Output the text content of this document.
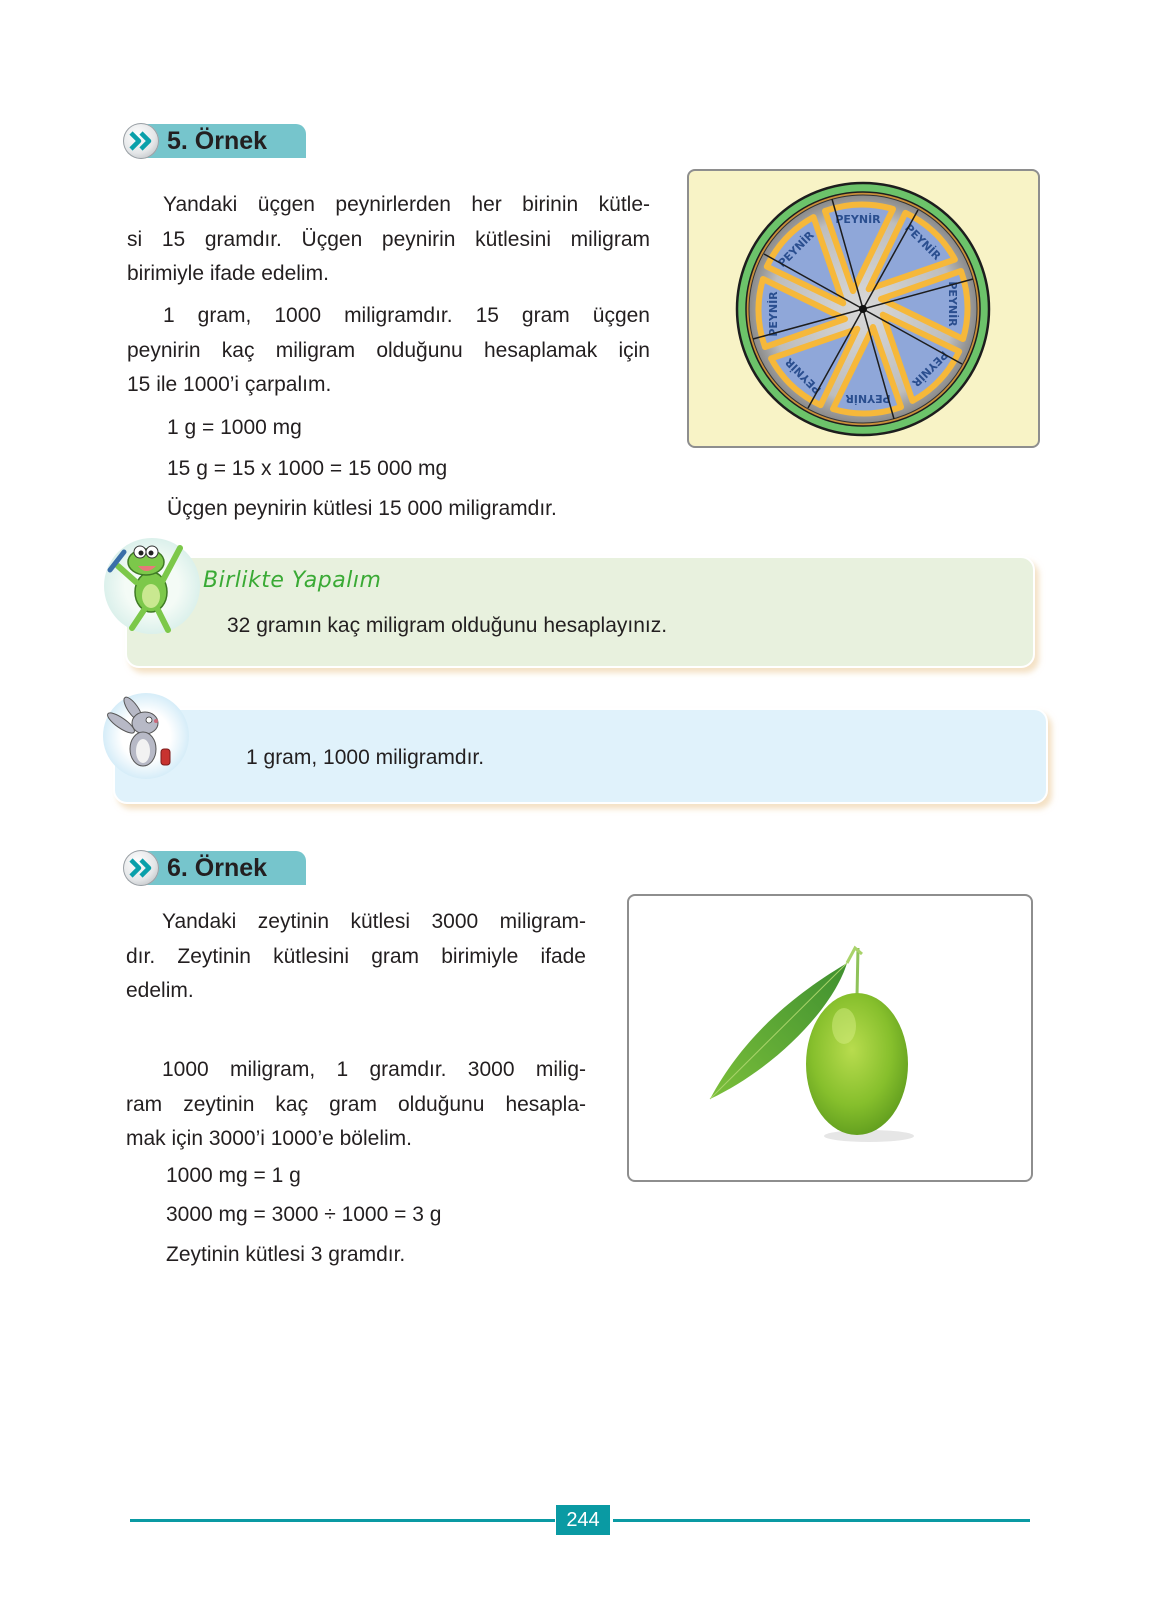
5. Örnek
Yandaki üçgen peynirlerden her birinin kütle-
si 15 gramdır. Üçgen peynirin kütlesini miligram
birimiyle ifade edelim.
1 gram, 1000 miligramdır. 15 gram üçgen
peynirin kaç miligram olduğunu hesaplamak için
15 ile 1000’i çarpalım.
1 g = 1000 mg
15 g = 15 x 1000 = 15 000 mg
Üçgen peynirin kütlesi 15 000 miligramdır.
PEYNİR
Birlikte Yapalım
32 gramın kaç miligram olduğunu hesaplayınız.
1 gram, 1000 miligramdır.
6. Örnek
Yandaki zeytinin kütlesi 3000 miligram-
dır. Zeytinin kütlesini gram birimiyle ifade
edelim.
1000 miligram, 1 gramdır. 3000 milig-
ram zeytinin kaç gram olduğunu hesapla-
mak için 3000’i 1000’e bölelim.
1000 mg = 1 g
3000 mg = 3000 ÷ 1000 = 3 g
Zeytinin kütlesi 3 gramdır.
244
